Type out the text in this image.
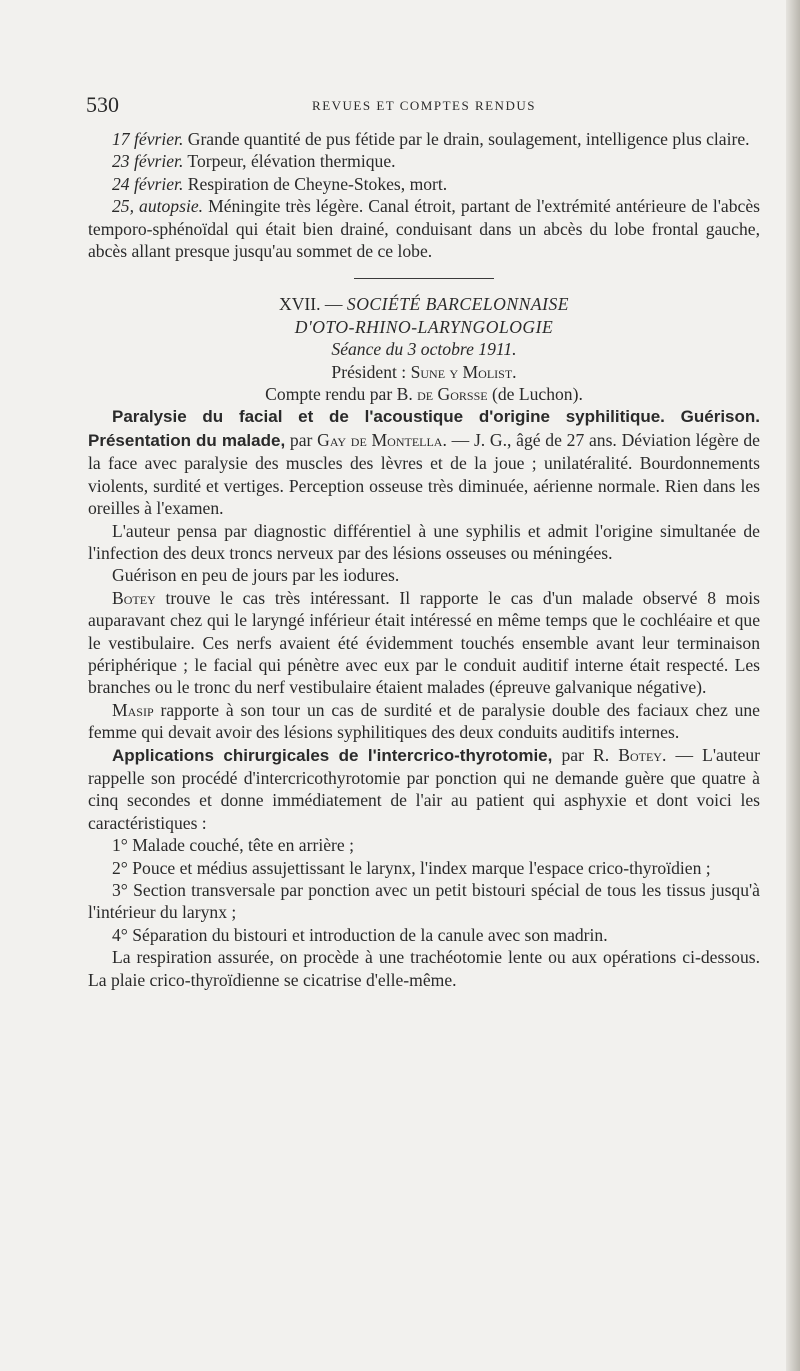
530	REVUES ET COMPTES RENDUS

17 février. Grande quantité de pus fétide par le drain, soulagement, intelligence plus claire.

23 février. Torpeur, élévation thermique.

24 février. Respiration de Cheyne-Stokes, mort.

25, autopsie. Méningite très légère. Canal étroit, partant de l'extrémité antérieure de l'abcès temporo-sphénoïdal qui était bien drainé, conduisant dans un abcès du lobe frontal gauche, abcès allant presque jusqu'au sommet de ce lobe.

XVII. — SOCIÉTÉ BARCELONNAISE

D'OTO-RHINO-LARYNGOLOGIE

Séance du 3 octobre 1911.

Président : Sune y Molist.

Compte rendu par B. de Gorsse (de Luchon).

Paralysie du facial et de l'acoustique d'origine syphilitique. Guérison. Présentation du malade, par Gay de Montella. — J. G., âgé de 27 ans. Déviation légère de la face avec paralysie des muscles des lèvres et de la joue ; unilatéralité. Bourdonnements violents, surdité et vertiges. Perception osseuse très diminuée, aérienne normale. Rien dans les oreilles à l'examen.

L'auteur pensa par diagnostic différentiel à une syphilis et admit l'origine simultanée de l'infection des deux troncs nerveux par des lésions osseuses ou méningées.

Guérison en peu de jours par les iodures.

Botey trouve le cas très intéressant. Il rapporte le cas d'un malade observé 8 mois auparavant chez qui le laryngé inférieur était intéressé en même temps que le cochléaire et que le vestibulaire. Ces nerfs avaient été évidemment touchés ensemble avant leur terminaison périphérique ; le facial qui pénètre avec eux par le conduit auditif interne était respecté. Les branches ou le tronc du nerf vestibulaire étaient malades (épreuve galvanique négative).

Masip rapporte à son tour un cas de surdité et de paralysie double des faciaux chez une femme qui devait avoir des lésions syphilitiques des deux conduits auditifs internes.

Applications chirurgicales de l'intercrico-thyrotomie, par R. Botey. — L'auteur rappelle son procédé d'intercricothyrotomie par ponction qui ne demande guère que quatre à cinq secondes et donne immédiatement de l'air au patient qui asphyxie et dont voici les caractéristiques :

1° Malade couché, tête en arrière ;

2° Pouce et médius assujettissant le larynx, l'index marque l'espace crico-thyroïdien ;

3° Section transversale par ponction avec un petit bistouri spécial de tous les tissus jusqu'à l'intérieur du larynx ;

4° Séparation du bistouri et introduction de la canule avec son madrin.

La respiration assurée, on procède à une trachéotomie lente ou aux opérations ci-dessous. La plaie crico-thyroïdienne se cicatrise d'elle-même.
